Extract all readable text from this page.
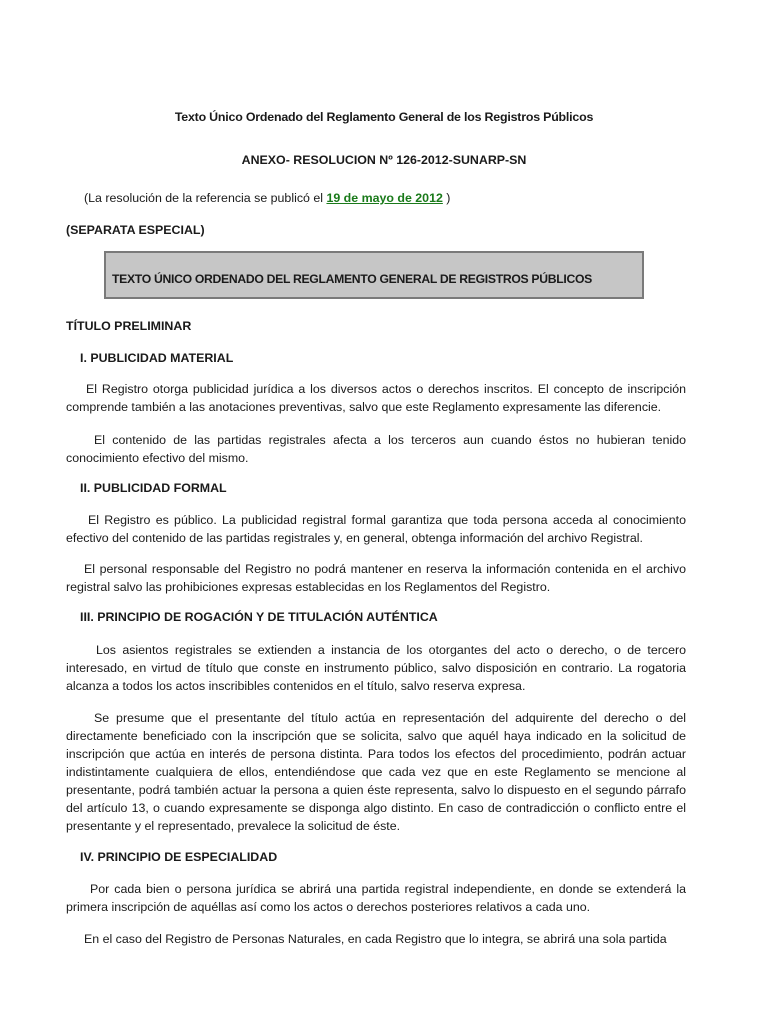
Texto Único Ordenado del Reglamento General de los Registros Públicos
ANEXO- RESOLUCION Nº 126-2012-SUNARP-SN
(La resolución de la referencia se publicó el 19 de mayo de 2012 )
(SEPARATA ESPECIAL)
TEXTO ÚNICO ORDENADO DEL REGLAMENTO GENERAL DE REGISTROS PÚBLICOS
TÍTULO PRELIMINAR
I. PUBLICIDAD MATERIAL

El Registro otorga publicidad jurídica a los diversos actos o derechos inscritos. El concepto de inscripción comprende también a las anotaciones preventivas, salvo que este Reglamento expresamente las diferencie.

El contenido de las partidas registrales afecta a los terceros aun cuando éstos no hubieran tenido conocimiento efectivo del mismo.

II. PUBLICIDAD FORMAL

El Registro es público. La publicidad registral formal garantiza que toda persona acceda al conocimiento efectivo del contenido de las partidas registrales y, en general, obtenga información del archivo Registral.

El personal responsable del Registro no podrá mantener en reserva la información contenida en el archivo registral salvo las prohibiciones expresas establecidas en los Reglamentos del Registro.

III. PRINCIPIO DE ROGACIÓN Y DE TITULACIÓN AUTÉNTICA

Los asientos registrales se extienden a instancia de los otorgantes del acto o derecho, o de tercero interesado, en virtud de título que conste en instrumento público, salvo disposición en contrario. La rogatoria alcanza a todos los actos inscribibles contenidos en el título, salvo reserva expresa.

Se presume que el presentante del título actúa en representación del adquirente del derecho o del directamente beneficiado con la inscripción que se solicita, salvo que aquél haya indicado en la solicitud de inscripción que actúa en interés de persona distinta. Para todos los efectos del procedimiento, podrán actuar indistintamente cualquiera de ellos, entendiéndose que cada vez que en este Reglamento se mencione al presentante, podrá también actuar la persona a quien éste representa, salvo lo dispuesto en el segundo párrafo del artículo 13, o cuando expresamente se disponga algo distinto. En caso de contradicción o conflicto entre el presentante y el representado, prevalece la solicitud de éste.

IV. PRINCIPIO DE ESPECIALIDAD

Por cada bien o persona jurídica se abrirá una partida registral independiente, en donde se extenderá la primera inscripción de aquéllas así como los actos o derechos posteriores relativos a cada uno.

En el caso del Registro de Personas Naturales, en cada Registro que lo integra, se abrirá una sola partida
